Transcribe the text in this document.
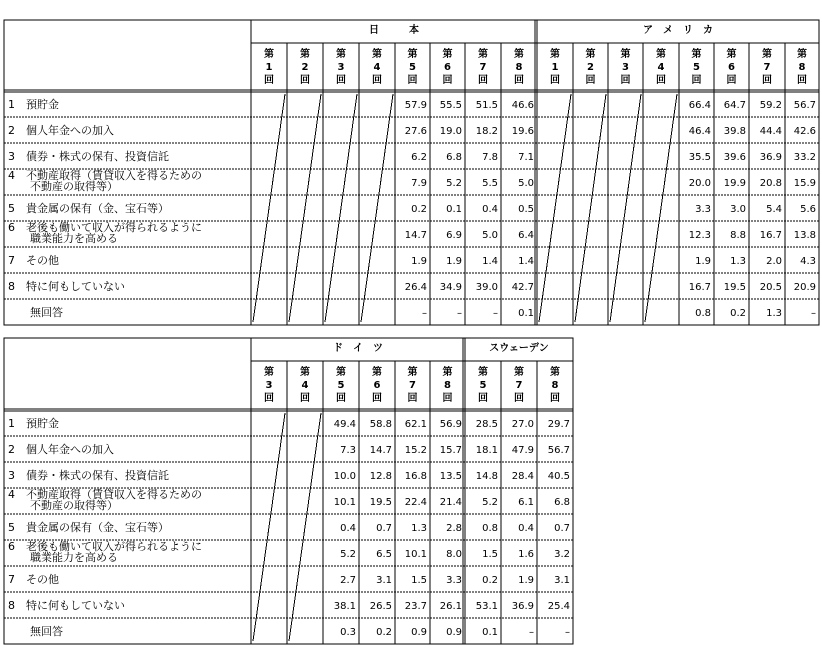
日　　　本	ア　メ　リ　カ
第
1
回
第
2
回
第
3
回
第
4
回
第
5
回
第
6
回
第
7
回
第
8
回
第
1
回
第
2
回
第
3
回
第
4
回
第
5
回
第
6
回
第
7
回
第
8
回
1　預貯金
2　個人年金への加入
3　債券・株式の保有、投資信託
4　不動産取得（賃貸収入を得るための
　　不動産の取得等）
5　貴金属の保有（金、宝石等）
6　老後も働いて収入が得られるように
　　職業能力を高める
7　その他
8　特に何もしていない
　　無回答
57.9
27.6
6.2
7.9
0.2
14.7
1.9
26.4
–
55.5
19.0
6.8
5.2
0.1
6.9
1.9
34.9
–
51.5
18.2
7.8
5.5
0.4
5.0
1.4
39.0
–
46.6
19.6
7.1
5.0
0.5
6.4
1.4
42.7
0.1
66.4
46.4
35.5
20.0
3.3
12.3
1.9
16.7
0.8
64.7
39.8
39.6
19.9
3.0
8.8
1.3
19.5
0.2
59.2
44.4
36.9
20.8
5.4
16.7
2.0
20.5
1.3
56.7
42.6
33.2
15.9
5.6
13.8
4.3
20.9
–
ド　イ　ツ	スウェーデン
第
3
回
第
4
回
第
5
回
第
6
回
第
7
回
第
8
回
第
5
回
第
7
回
第
8
回
1　預貯金
2　個人年金への加入
3　債券・株式の保有、投資信託
4　不動産取得（賃貸収入を得るための
　　不動産の取得等）
5　貴金属の保有（金、宝石等）
6　老後も働いて収入が得られるように
　　職業能力を高める
7　その他
8　特に何もしていない
　　無回答
49.4
7.3
10.0
10.1
0.4
5.2
2.7
38.1
0.3
58.8
14.7
12.8
19.5
0.7
6.5
3.1
26.5
0.2
62.1
15.2
16.8
22.4
1.3
10.1
1.5
23.7
0.9
56.9
15.7
13.5
21.4
2.8
8.0
3.3
26.1
0.9
28.5
18.1
14.8
5.2
0.8
1.5
0.2
53.1
0.1
27.0
47.9
28.4
6.1
0.4
1.6
1.9
36.9
–
29.7
56.7
40.5
6.8
0.7
3.2
3.1
25.4
–
